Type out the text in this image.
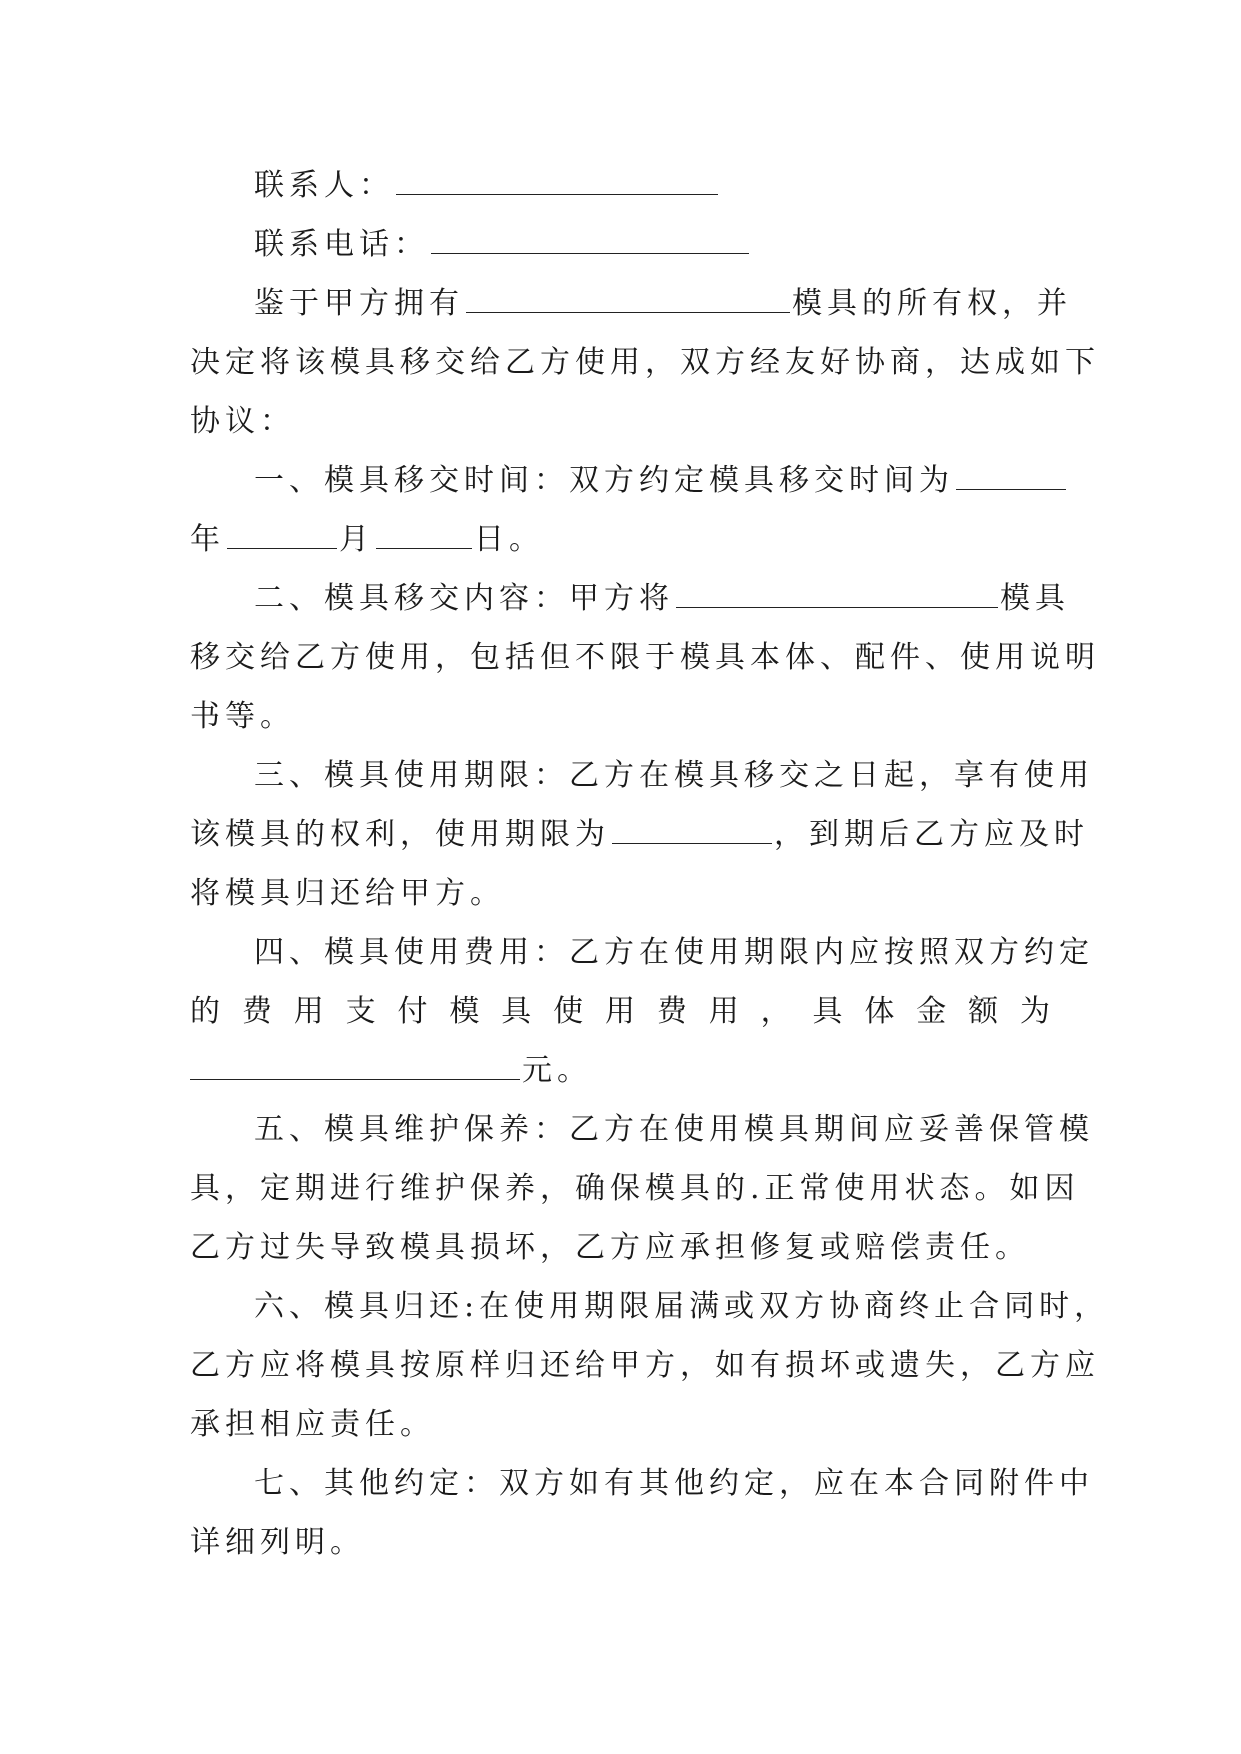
联系人：
联系电话：
鉴于甲方拥有	模具的所有权，并
决定将该模具移交给乙方使用，双方经友好协商，达成如下
协议：
一、模具移交时间：双方约定模具移交时间为
年	月	日。
二、模具移交内容：甲方将	模具
移交给乙方使用，包括但不限于模具本体、配件、使用说明
书等。
三、模具使用期限：乙方在模具移交之日起，享有使用
该模具的权利，使用期限为	，到期后乙方应及时
将模具归还给甲方。
四、模具使用费用：乙方在使用期限内应按照双方约定
的 费 用 支 付 模 具 使 用 费 用 ， 具 体 金 额 为
元。
五、模具维护保养：乙方在使用模具期间应妥善保管模
具，定期进行维护保养，确保模具的.正常使用状态。如因
乙方过失导致模具损坏，乙方应承担修复或赔偿责任。
六、模具归还:在使用期限届满或双方协商终止合同时，
乙方应将模具按原样归还给甲方，如有损坏或遗失，乙方应
承担相应责任。
七、其他约定：双方如有其他约定，应在本合同附件中
详细列明。
